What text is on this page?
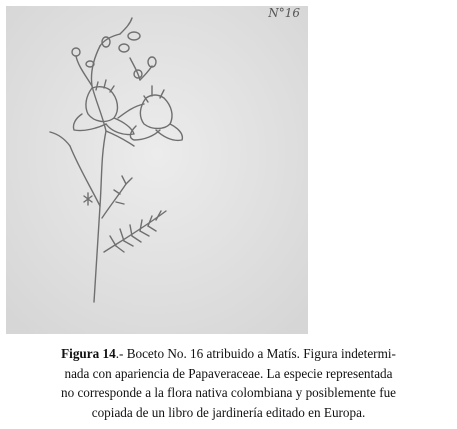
N°16
Figura 14.- Boceto No. 16 atribuido a Matís. Figura indetermi-
nada con apariencia de Papaveraceae. La especie representada
no corresponde a la flora nativa colombiana y posiblemente fue
copiada de un libro de jardinería editado en Europa.
